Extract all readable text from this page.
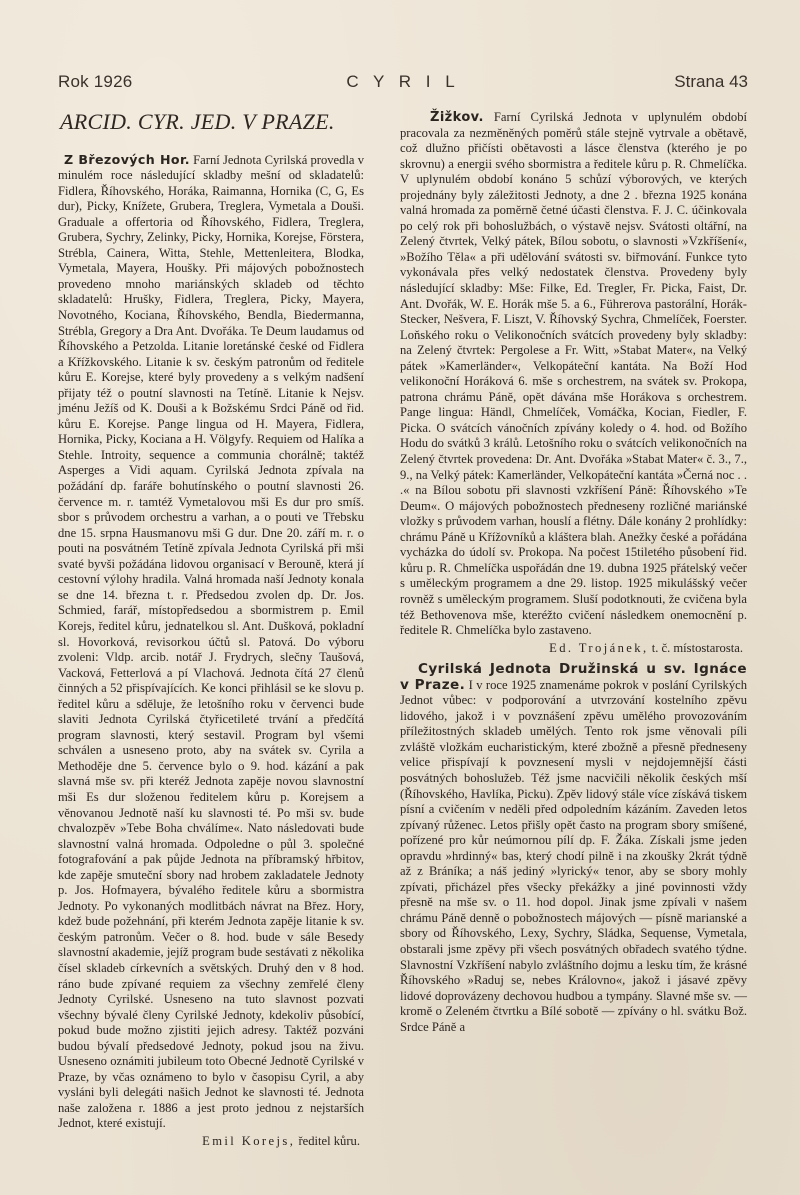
Rok 1926	C Y R I L	Strana 43
ARCID. CYR. JED. V PRAZE.

Z Březových Hor. Farní Jednota Cyrilská provedla v minulém roce následující skladby mešní od skladatelů: Fidlera, Říhovského, Horáka, Raimanna, Hornika (C, G, Es dur), Picky, Knížete, Grubera, Treglera, Vymetala a Douši. Graduale a offertoria od Říhovského, Fidlera, Treglera, Grubera, Sychry, Zelinky, Picky, Hornika, Korejse, Förstera, Strébla, Cainera, Witta, Stehle, Mettenleitera, Blodka, Vymetala, Mayera, Houšky. Při májových pobožnostech provedeno mnoho mariánských skladeb od těchto skladatelů: Hrušky, Fidlera, Treglera, Picky, Mayera, Novotného, Kociana, Říhovského, Bendla, Biedermanna, Strébla, Gregory a Dra Ant. Dvořáka. Te Deum laudamus od Říhovského a Petzolda. Litanie loretánské české od Fidlera a Křížkovského. Litanie k sv. českým patronům od ředitele kůru E. Korejse, které byly provedeny a s velkým nadšení přijaty též o poutní slavnosti na Tetíně. Litanie k Nejsv. jménu Ježíš od K. Douši a k Božskému Srdci Páně od řid. kůru E. Korejse. Pange lingua od H. Mayera, Fidlera, Hornika, Picky, Kociana a H. Völgyfy. Requiem od Halíka a Stehle. Introity, sequence a communia chorálně; taktéž Asperges a Vidi aquam. Cyrilská Jednota zpívala na požádání dp. faráře bohutínského o poutní slavnosti 26. července m. r. tamtéž Vymetalovou mši Es dur pro smíš. sbor s průvodem orchestru a varhan, a o pouti ve Třebsku dne 15. srpna Hausmanovu mši G dur. Dne 20. září m. r. o pouti na posvátném Tetíně zpívala Jednota Cyrilská při mši svaté byvši požádána lidovou organisací v Berouně, která jí cestovní výlohy hradila. Valná hromada naší Jednoty konala se dne 14. března t. r. Předsedou zvolen dp. Dr. Jos. Schmied, farář, místopředsedou a sbormistrem p. Emil Korejs, ředitel kůru, jednatelkou sl. Ant. Dušková, pokladní sl. Hovorková, revisorkou účtů sl. Patová. Do výboru zvoleni: Vldp. arcib. notář J. Frydrych, slečny Taušová, Vacková, Fetterlová a pí Vlachová. Jednota čítá 27 členů činných a 52 přispívajících. Ke konci přihlásil se ke slovu p. ředitel kůru a sděluje, že letošního roku v červenci bude slaviti Jednota Cyrilská čtyřicetileté trvání a předčítá program slavnosti, který sestavil. Program byl všemi schválen a usneseno proto, aby na svátek sv. Cyrila a Methoděje dne 5. července bylo o 9. hod. kázání a pak slavná mše sv. při kteréž Jednota zapěje novou slavnostní mši Es dur složenou ředitelem kůru p. Korejsem a věnovanou Jednotě naší ku slavnosti té. Po mši sv. bude chvalozpěv »Tebe Boha chválíme«. Nato následovati bude slavnostní valná hromada. Odpoledne o půl 3. společné fotografování a pak půjde Jednota na příbramský hřbitov, kde zapěje smuteční sbory nad hrobem zakladatele Jednoty p. Jos. Hofmayera, bývalého ředitele kůru a sbormistra Jednoty. Po vykonaných modlitbách návrat na Břez. Hory, kdež bude požehnání, při kterém Jednota zapěje litanie k sv. českým patronům. Večer o 8. hod. bude v sále Besedy slavnostní akademie, jejíž program bude sestávati z několika čísel skladeb církevních a světských. Druhý den v 8 hod. ráno bude zpívané requiem za všechny zemřelé členy Jednoty Cyrilské. Usneseno na tuto slavnost pozvati všechny bývalé členy Cyrilské Jednoty, kdekoliv působící, pokud bude možno zjistiti jejich adresy. Taktéž pozváni budou bývalí předsedové Jednoty, pokud jsou na živu. Usneseno oznámiti jubileum toto Obecné Jednotě Cyrilské v Praze, by včas oznámeno to bylo v časopisu Cyril, a aby vysláni byli delegáti našich Jednot ke slavnosti té. Jednota naše založena r. 1886 a jest proto jednou z nejstarších Jednot, které existují.

Emil Korejs, ředitel kůru.

Žižkov. Farní Cyrilská Jednota v uplynulém období pracovala za nezměněných poměrů stále stejně vytrvale a obětavě, což dlužno přičísti obětavosti a lásce členstva (kterého je po skrovnu) a energii svého sbormistra a ředitele kůru p. R. Chmelíčka. V uplynulém období konáno 5 schůzí výborových, ve kterých projednány byly záležitosti Jednoty, a dne 2 . března 1925 konána valná hromada za poměrně četné účasti členstva. F. J. C. účinkovala po celý rok při bohoslužbách, o výstavě nejsv. Svátosti oltářní, na Zelený čtvrtek, Velký pátek, Bílou sobotu, o slavnosti »Vzkříšení«, »Božího Těla« a při udělování svátosti sv. biřmování. Funkce tyto vykonávala přes velký nedostatek členstva. Provedeny byly následující skladby: Mše: Filke, Ed. Tregler, Fr. Picka, Faist, Dr. Ant. Dvořák, W. E. Horák mše 5. a 6., Führerova pastorální, Horák-Stecker, Nešvera, F. Liszt, V. Říhovský Sychra, Chmelíček, Foerster. Loňského roku o Velikonočních svátcích provedeny byly skladby: na Zelený čtvrtek: Pergolese a Fr. Witt, »Stabat Mater«, na Velký pátek »Kamerländer«, Velkopáteční kantáta. Na Boží Hod velikonoční Horáková 6. mše s orchestrem, na svátek sv. Prokopa, patrona chrámu Páně, opět dávána mše Horákova s orchestrem. Pange lingua: Händl, Chmelíček, Vomáčka, Kocian, Fiedler, F. Picka. O svátcích vánočních zpívány koledy o 4. hod. od Božího Hodu do svátků 3 králů. Letošního roku o svátcích velikonočních na Zelený čtvrtek provedena: Dr. Ant. Dvořáka »Stabat Mater« č. 3., 7., 9., na Velký pátek: Kamerländer, Velkopáteční kantáta »Černá noc . . .« na Bílou sobotu při slavnosti vzkříšení Páně: Říhovského »Te Deum«. O májových pobožnostech předneseny rozličné mariánské vložky s průvodem varhan, houslí a flétny. Dále konány 2 prohlídky: chrámu Páně u Křížovníků a kláštera blah. Anežky české a pořádána vycházka do údolí sv. Prokopa. Na počest 15tiletého působení řid. kůru p. R. Chmelíčka uspořádán dne 19. dubna 1925 přátelský večer s uměleckým programem a dne 29. listop. 1925 mikulášský večer rovněž s uměleckým programem. Sluší podotknouti, že cvičena byla též Bethovenova mše, kteréžto cvičení následkem onemocnění p. ředitele R. Chmelíčka bylo zastaveno.

Ed. Trojánek, t. č. místostarosta.

Cyrilská Jednota Družinská u sv. Ignáce v Praze. I v roce 1925 znamenáme pokrok v poslání Cyrilských Jednot vůbec: v podporování a utvrzování kostelního zpěvu lidového, jakož i v povznášení zpěvu umělého provozováním příležitostných skladeb umělých. Tento rok jsme věnovali píli zvláště vložkám eucharistickým, které zbožně a přesně předneseny velice přispívají k povznesení mysli v nejdojemnější části posvátných bohoslužeb. Též jsme nacvičili několik českých mší (Říhovského, Havlíka, Picku). Zpěv lidový stále více získává tiskem písní a cvičením v neděli před odpoledním kázáním. Zaveden letos zpívaný růženec. Letos přišly opět často na program sbory smíšené, pořízené pro kůr neúmornou pílí dp. F. Žáka. Získali jsme jeden opravdu »hrdinný« bas, který chodí pilně i na zkoušky 2krát týdně až z Bráníka; a náš jediný »lyrický« tenor, aby se sbory mohly zpívati, přicházel přes všecky překážky a jiné povinnosti vždy přesně na mše sv. o 11. hod dopol. Jinak jsme zpívali v našem chrámu Páně denně o pobožnostech májových — písně marianské a sbory od Říhovského, Lexy, Sychry, Sládka, Sequense, Vymetala, obstarali jsme zpěvy při všech posvátných obřadech svatého týdne. Slavnostní Vzkříšení nabylo zvláštního dojmu a lesku tím, že krásné Říhovského »Raduj se, nebes Královno«, jakož i jásavé zpěvy lidové doprovázeny dechovou hudbou a tympány. Slavné mše sv. — kromě o Zeleném čtvrtku a Bílé sobotě — zpívány o hl. svátku Bož. Srdce Páně a
